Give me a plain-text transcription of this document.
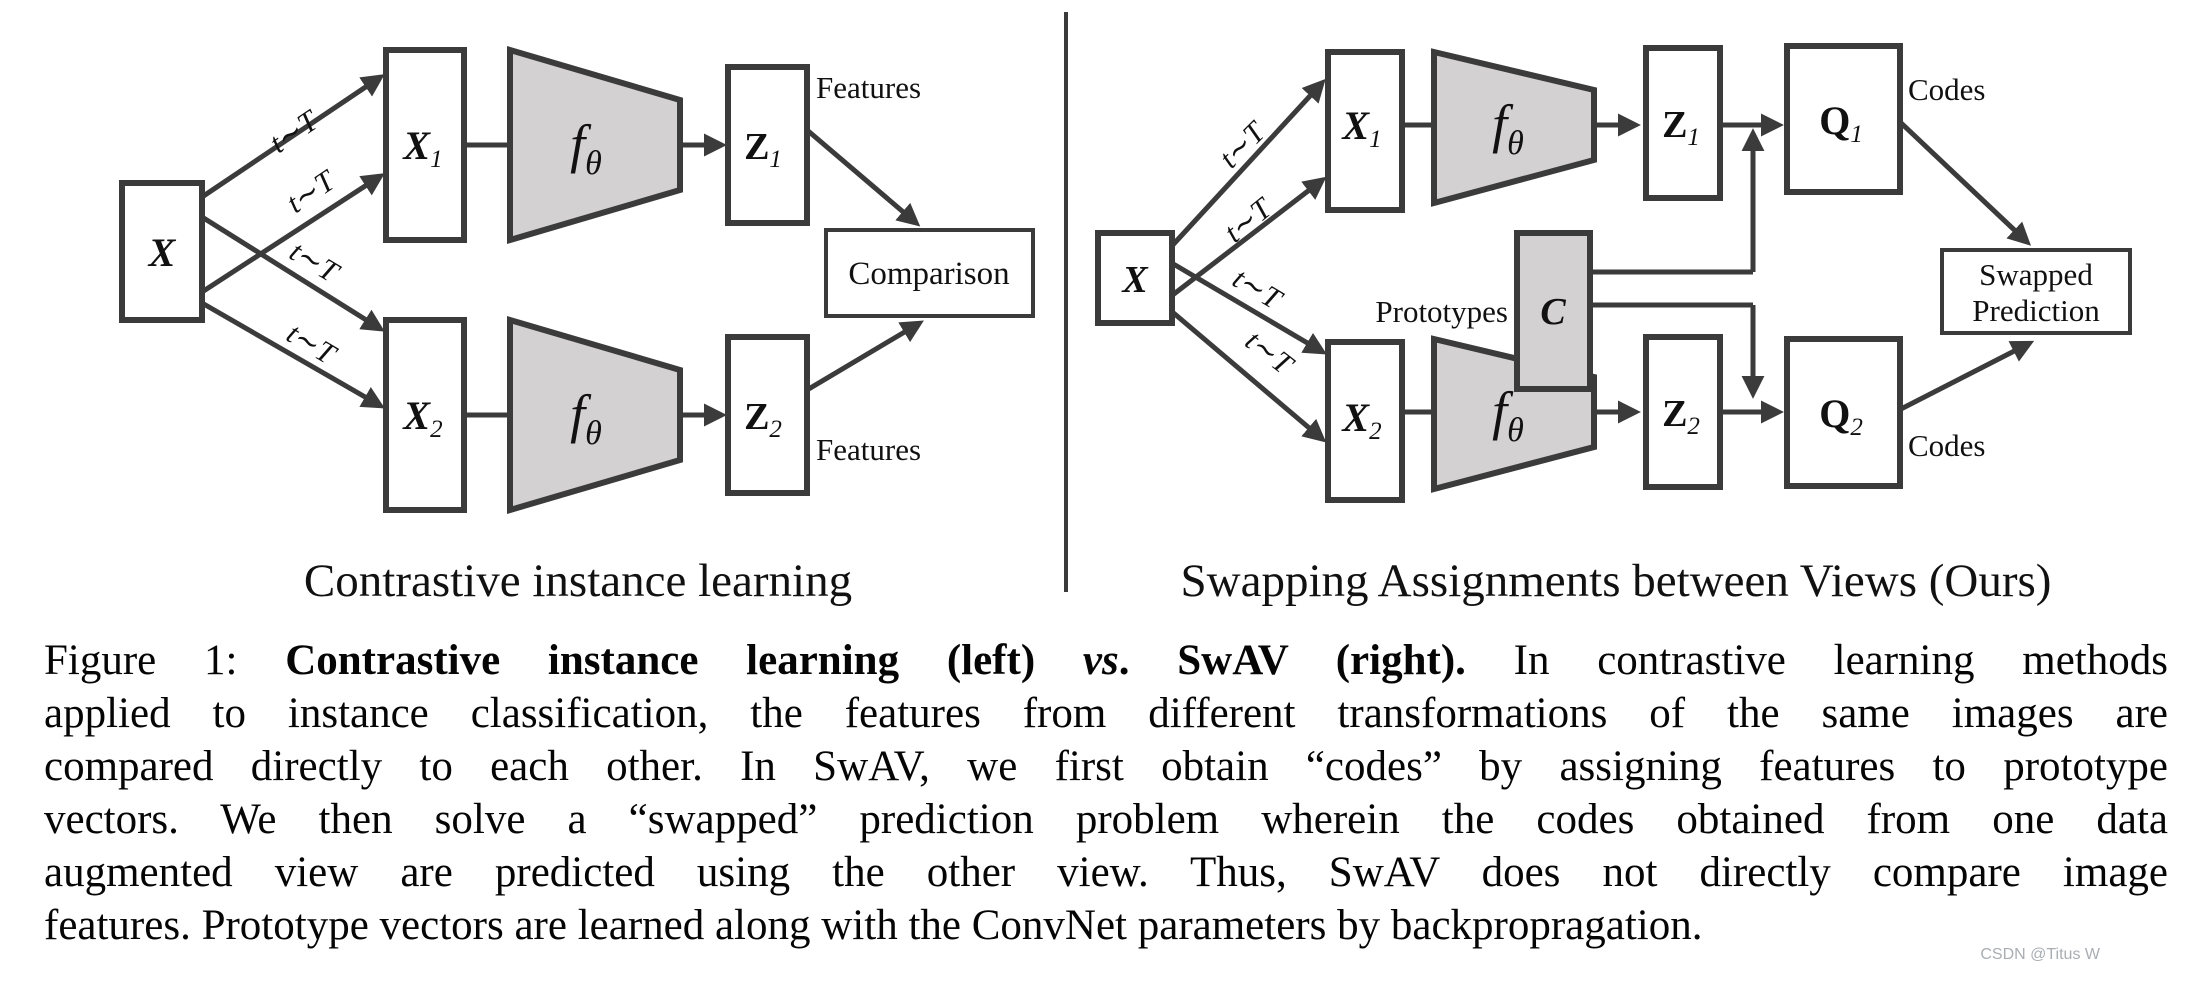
t∼T
t∼T
t∼T
t∼T
X
$X_1$
$X_2$
$f_\theta$
$f_\theta$
$Z_1$
$Z_2$
Features
Features
Comparison
Contrastive instance learning
t∼T
t∼T
t∼T
t∼T
X
$X_1$
$X_2$
$f_\theta$
$f_\theta$
$Z_1$
$Z_2$
$Q_1$
$Q_2$
C
Prototypes
Codes
Codes
Swapped
Prediction
Swapping Assignments between Views (Ours)
Figure 1: Contrastive instance learning (left) vs. SwAV (right). In contrastive learning methods
applied to instance classification, the features from different transformations of the same images are
compared directly to each other. In SwAV, we first obtain “codes” by assigning features to prototype
vectors. We then solve a “swapped” prediction problem wherein the codes obtained from one data
augmented view are predicted using the other view. Thus, SwAV does not directly compare image
features. Prototype vectors are learned along with the ConvNet parameters by backpropragation.
CSDN @Titus W
